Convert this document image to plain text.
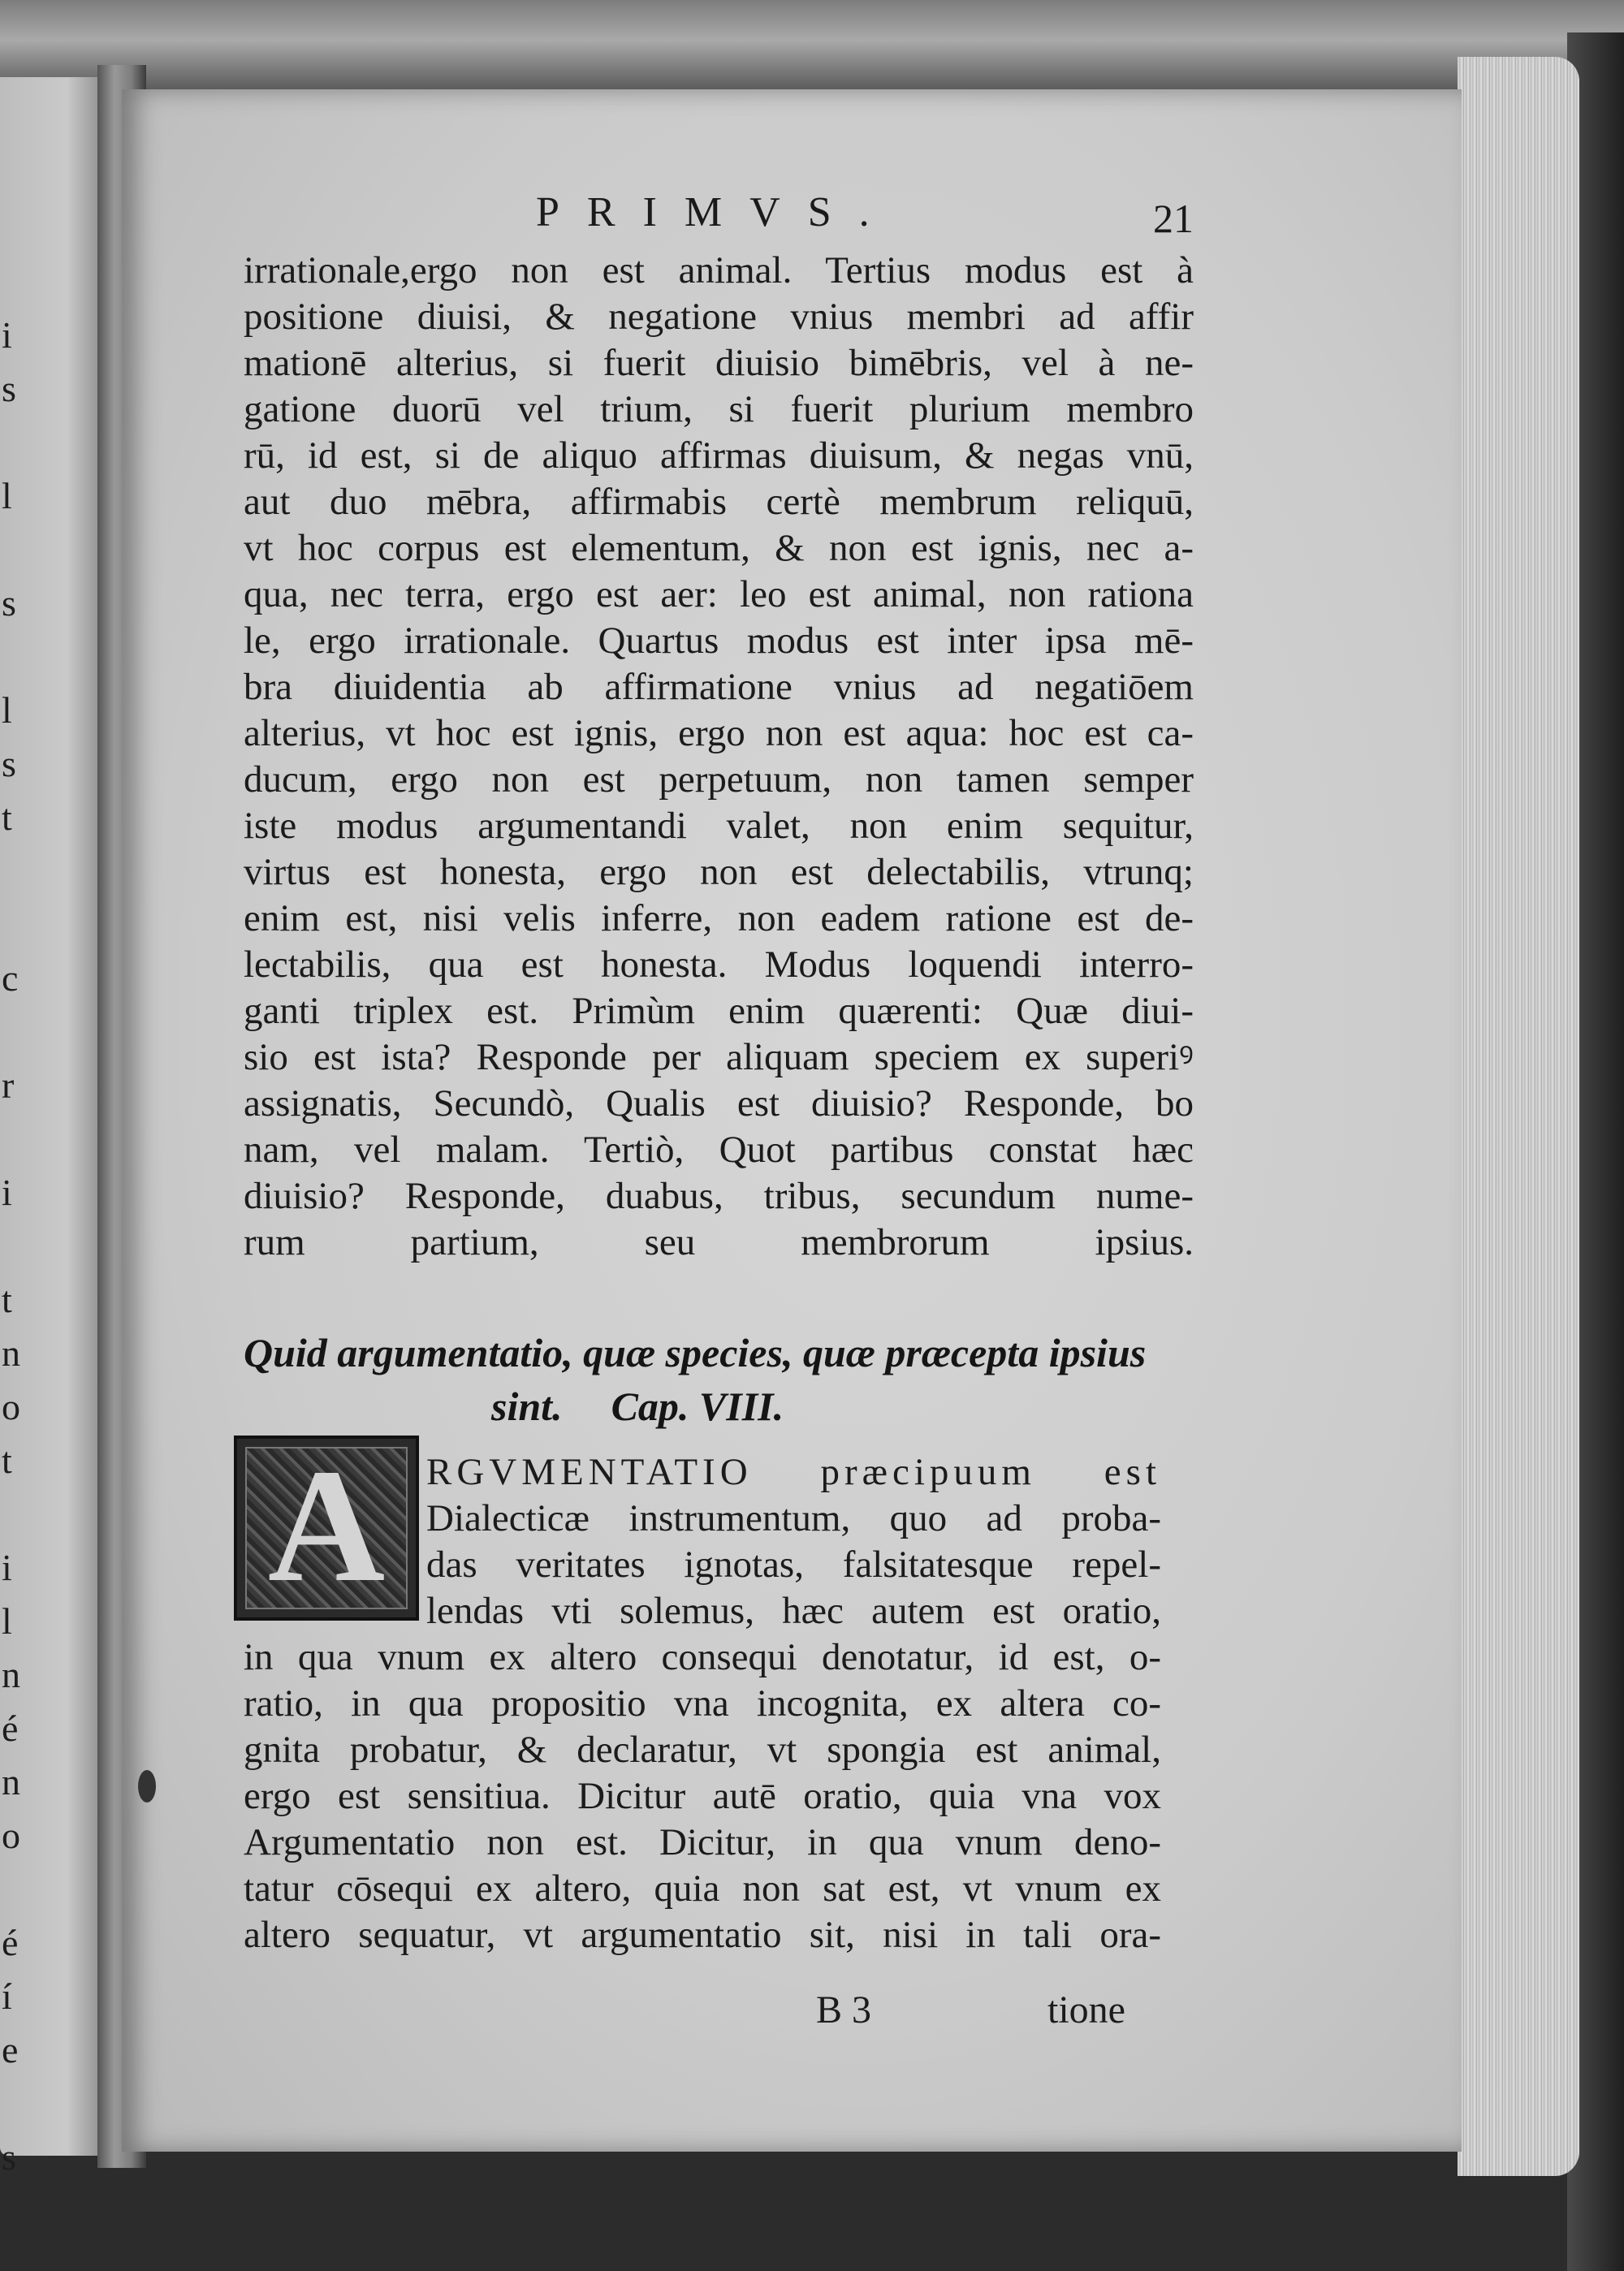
i
s
l
s
l
s
t
c
r
i
t
n
o
t
i
l
n
é
n
o
é
í
e
s
PRIMVS.	21
irrationale,ergo non est animal. Tertius modus est à
positione diuisi, & negatione vnius membri ad affir
mationē alterius, si fuerit diuisio bimēbris, vel à ne-
gatione duorū vel trium, si fuerit plurium membro
rū, id est, si de aliquo affirmas diuisum, & negas vnū,
aut duo mēbra, affirmabis certè membrum reliquū,
vt hoc corpus est elementum, & non est ignis, nec a-
qua, nec terra, ergo est aer: leo est animal, non rationa
le, ergo irrationale. Quartus modus est inter ipsa mē-
bra diuidentia ab affirmatione vnius ad negatiōem
alterius, vt hoc est ignis, ergo non est aqua: hoc est ca-
ducum, ergo non est perpetuum, non tamen semper
iste modus argumentandi valet, non enim sequitur,
virtus est honesta, ergo non est delectabilis, vtrunq;
enim est, nisi velis inferre, non eadem ratione est de-
lectabilis, qua est honesta. Modus loquendi interro-
ganti triplex est. Primùm enim quærenti: Quæ diui-
sio est ista? Responde per aliquam speciem ex superiꝰ
assignatis, Secundò, Qualis est diuisio? Responde, bo
nam, vel malam. Tertiò, Quot partibus constat hæc
diuisio? Responde, duabus, tribus, secundum nume-
rum partium, seu membrorum ipsius.
Quid argumentatio, quæ species, quæ præcepta ipsius
sint. Cap. VIII.
A	RGVMENTATIO præcipuum est
Dialecticæ instrumentum, quo ad proba-
das veritates ignotas, falsitatesque repel-
lendas vti solemus, hæc autem est oratio,
in qua vnum ex altero consequi denotatur, id est, o-
ratio, in qua propositio vna incognita, ex altera co-
gnita probatur, & declaratur, vt spongia est animal,
ergo est sensitiua. Dicitur autē oratio, quia vna vox
Argumentatio non est. Dicitur, in qua vnum deno-
tatur cōsequi ex altero, quia non sat est, vt vnum ex
altero sequatur, vt argumentatio sit, nisi in tali ora-
B 3	tione
